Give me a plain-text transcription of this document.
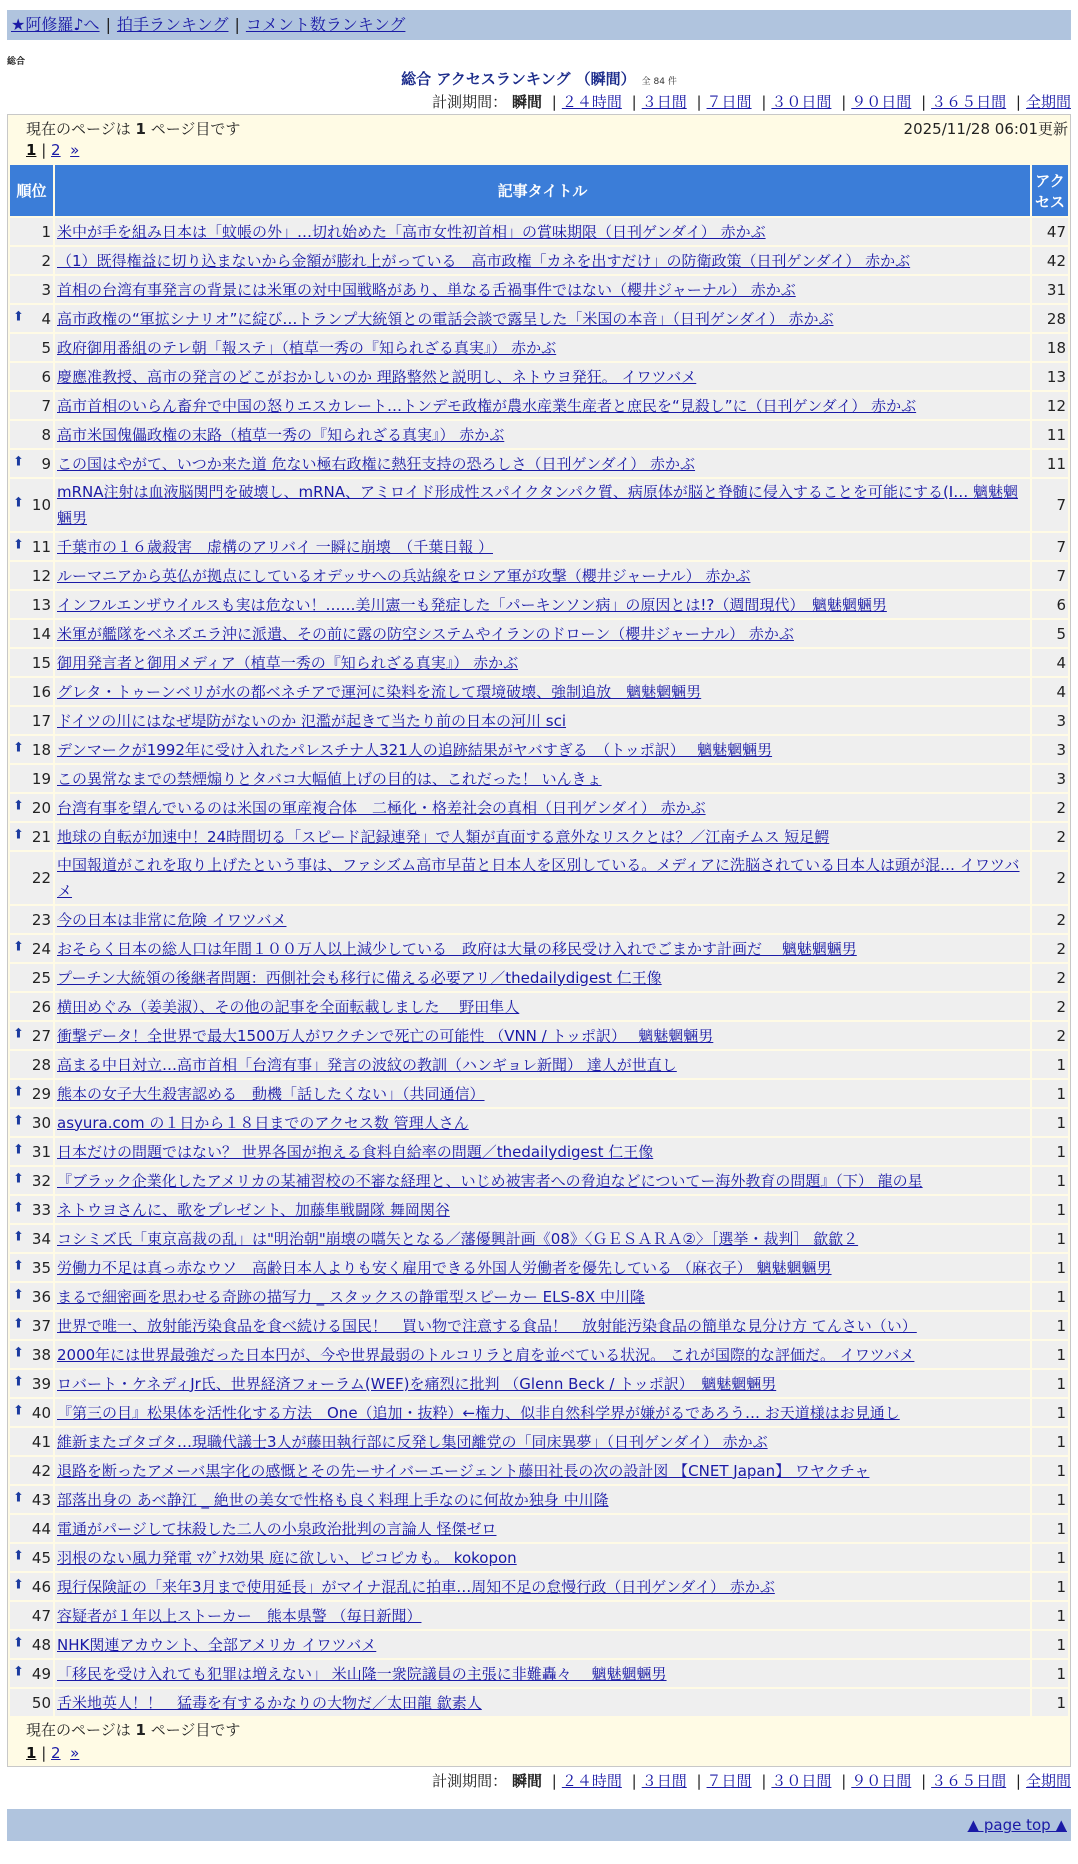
★阿修羅♪へ | 拍手ランキング | コメント数ランキング
総合
総合 アクセスランキング （瞬間） 全 84 件
計測期間： 瞬間 | ２４時間 | ３日間 | ７日間 | ３０日間 | ９０日間 | ３６５日間 | 全期間
現在のページは 1 ページ目です	2025/11/28 06:01更新
1 | 2 »
順位	記事タイトル	アクセス
1	米中が手を組み日本は「蚊帳の外」…切れ始めた「高市女性初首相」の賞味期限（日刊ゲンダイ） 赤かぶ	47
2	（1）既得権益に切り込まないから金額が膨れ上がっている　高市政権「カネを出すだけ」の防衛政策（日刊ゲンダイ） 赤かぶ	42
3	首相の台湾有事発言の背景には米軍の対中国戦略があり、単なる舌禍事件ではない（櫻井ジャーナル） 赤かぶ	31

⬆ 4	高市政権の“軍拡シナリオ”に綻び…トランプ大統領との電話会談で露呈した「米国の本音」（日刊ゲンダイ） 赤かぶ	28
5	政府御用番組のテレ朝「報ステ」（植草一秀の『知られざる真実』） 赤かぶ	18
6	慶應准教授、高市の発言のどこがおかしいのか 理路整然と説明し、ネトウヨ発狂。 イワツバメ	13
7	高市首相のいらん畜弁で中国の怒りエスカレート…トンデモ政権が農水産業生産者と庶民を“見殺し”に（日刊ゲンダイ） 赤かぶ	12
8	高市米国傀儡政権の末路（植草一秀の『知られざる真実』） 赤かぶ	11

⬆ 9	この国はやがて、いつか来た道 危ない極右政権に熱狂支持の恐ろしさ（日刊ゲンダイ） 赤かぶ	11

⬆ 10	mRNA注射は血液脳関門を破壊し、mRNA、アミロイド形成性スパイクタンパク質、病原体が脳と脊髄に侵入することを可能にする(I… 魑魅魍魎男	7

⬆ 11	千葉市の１６歳殺害　虚構のアリバイ 一瞬に崩壊　（千葉日報 ）	7
12	ルーマニアから英仏が拠点にしているオデッサへの兵站線をロシア軍が攻撃（櫻井ジャーナル） 赤かぶ	7
13	インフルエンザウイルスも実は危ない！……美川憲一も発症した「パーキンソン病」の原因とは!?（週間現代）　魑魅魍魎男	6
14	米軍が艦隊をベネズエラ沖に派遣、その前に露の防空システムやイランのドローン（櫻井ジャーナル） 赤かぶ	5
15	御用発言者と御用メディア（植草一秀の『知られざる真実』） 赤かぶ	4
16	グレタ・トゥーンベリが水の都ベネチアで運河に染料を流して環境破壊、強制追放　魑魅魍魎男	4
17	ドイツの川にはなぜ堤防がないのか 氾濫が起きて当たり前の日本の河川 sci	3

⬆ 18	デンマークが1992年に受け入れたパレスチナ人321人の追跡結果がヤバすぎる　（トッポ訳）　 魑魅魍魎男	3
19	この異常なまでの禁煙煽りとタバコ大幅値上げの目的は、これだった！ いんきょ	3

⬆ 20	台湾有事を望んでいるのは米国の軍産複合体　二極化・格差社会の真相（日刊ゲンダイ） 赤かぶ	2

⬆ 21	地球の自転が加速中！24時間切る「スピード記録連発」で人類が直面する意外なリスクとは？／江南チムス 短足鰐	2
22	中国報道がこれを取り上げたという事は、ファシズム高市早苗と日本人を区別している。メディアに洗脳されている日本人は頭が混… イワツバメ	2
23	今の日本は非常に危険 イワツバメ	2

⬆ 24	おそらく日本の総人口は年間１００万人以上減少している　政府は大量の移民受け入れでごまかす計画だ　 魑魅魍魎男	2
25	プーチン大統領の後継者問題：西側社会も移行に備える必要アリ／thedailydigest 仁王像	2
26	横田めぐみ（姜美淑）、その他の記事を全面転載しました　 野田隼人	2

⬆ 27	衝撃データ！全世界で最大1500万人がワクチンで死亡の可能性 （VNN / トッポ訳）　 魑魅魍魎男	2
28	高まる中日対立…高市首相「台湾有事」発言の波紋の教訓（ハンギョレ新聞） 達人が世直し	1

⬆ 29	熊本の女子大生殺害認める　動機「話したくない」（共同通信）	1

⬆ 30	asyura.com の１日から１８日までのアクセス数 管理人さん	1

⬆ 31	日本だけの問題ではない？ 世界各国が抱える食料自給率の問題／thedailydigest 仁王像	1

⬆ 32	『ブラック企業化したアメリカの某補習校の不審な経理と、いじめ被害者への脅迫などについてー海外教育の問題』（下） 龍の星	1

⬆ 33	ネトウヨさんに、歌をプレゼント、加藤隼戦闘隊 舞岡関谷	1

⬆ 34	コシミズ氏「東京高裁の乱」は"明治朝"崩壊の嚆矢となる／藩優興計画《08》〈ＧＥＳＡＲＡ②〉［選挙・裁判］ 歙歙２	1

⬆ 35	労働力不足は真っ赤なウソ　高齢日本人よりも安く雇用できる外国人労働者を優先している （麻衣子） 魑魅魍魎男	1

⬆ 36	まるで細密画を思わせる奇跡の描写力 _ スタックスの静電型スピーカー ELS-8X 中川隆	1

⬆ 37	世界で唯一、放射能汚染食品を食べ続ける国民！　買い物で注意する食品！　放射能汚染食品の簡単な見分け方 てんさい（い）	1

⬆ 38	2000年には世界最強だった日本円が、今や世界最弱のトルコリラと肩を並べている状況。 これが国際的な評価だ。 イワツバメ	1

⬆ 39	ロバート・ケネディJr氏、世界経済フォーラム(WEF)を痛烈に批判 （Glenn Beck / トッポ訳）　魑魅魍魎男	1

⬆ 40	『第三の目』松果体を活性化する方法　One（追加・抜粋）←権力、似非自然科学界が嫌がるであろう… お天道様はお見通し	1
41	維新またゴタゴタ…現職代議士3人が藤田執行部に反発し集団離党の「同床異夢」（日刊ゲンダイ） 赤かぶ	1
42	退路を断ったアメーバ黒字化の感慨とその先ーサイバーエージェント藤田社長の次の設計図 【CNET Japan】 ワヤクチャ	1

⬆ 43	部落出身の あべ静江 _ 絶世の美女で性格も良く料理上手なのに何故か独身 中川隆	1
44	電通がパージして抹殺した二人の小泉政治批判の言論人 怪傑ゼロ	1

⬆ 45	羽根のない風力発電 ﾏｸﾞﾅｽ効果 庭に欲しい、ピコピカも。 kokopon	1

⬆ 46	現行保険証の「来年3月まで使用延長」がマイナ混乱に拍車…周知不足の怠慢行政（日刊ゲンダイ） 赤かぶ	1
47	容疑者が１年以上ストーカー　熊本県警 （毎日新聞）	1

⬆ 48	NHK関連アカウント、全部アメリカ イワツバメ	1

⬆ 49	「移民を受け入れても犯罪は増えない」 米山隆一衆院議員の主張に非難轟々　 魑魅魍魎男	1
50	舌米地英人！！　猛毒を有するかなりの大物だ／太田龍 歙素人	1
現在のページは 1 ページ目です
1 | 2 »
計測期間： 瞬間 | ２４時間 | ３日間 | ７日間 | ３０日間 | ９０日間 | ３６５日間 | 全期間
▲ page top ▲
